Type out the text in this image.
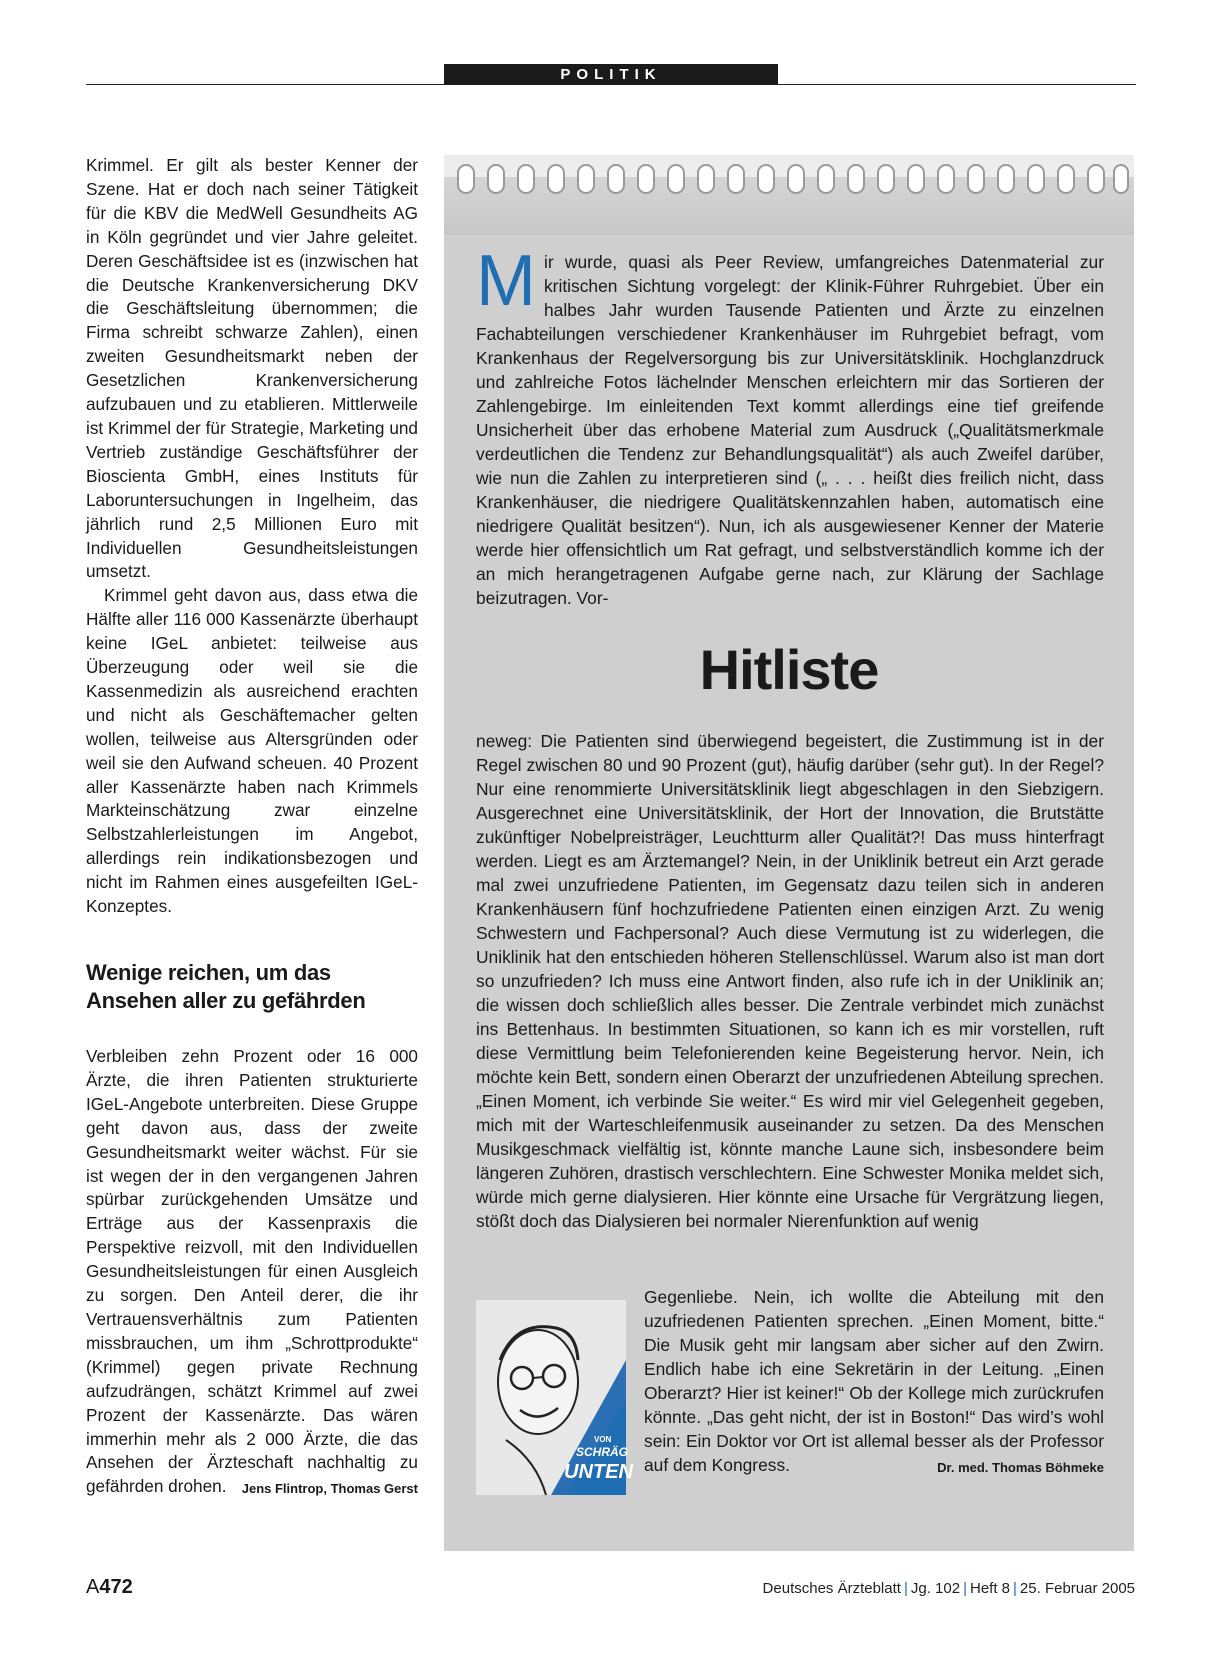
POLITIK

Krimmel. Er gilt als bester Kenner der Szene. Hat er doch nach seiner Tätigkeit für die KBV die MedWell Gesundheits AG in Köln gegründet und vier Jahre geleitet. Deren Geschäftsidee ist es (inzwischen hat die Deutsche Krankenversicherung DKV die Geschäftsleitung übernommen; die Firma schreibt schwarze Zahlen), einen zweiten Gesundheitsmarkt neben der Gesetzlichen Krankenversicherung aufzubauen und zu etablieren. Mittlerweile ist Krimmel der für Strategie, Marketing und Vertrieb zuständige Geschäftsführer der Bioscienta GmbH, eines Instituts für Laboruntersuchungen in Ingelheim, das jährlich rund 2,5 Millionen Euro mit Individuellen Gesundheitsleistungen umsetzt.

Krimmel geht davon aus, dass etwa die Hälfte aller 116 000 Kassenärzte überhaupt keine IGeL anbietet: teilweise aus Überzeugung oder weil sie die Kassenmedizin als ausreichend erachten und nicht als Geschäftemacher gelten wollen, teilweise aus Altersgründen oder weil sie den Aufwand scheuen. 40 Prozent aller Kassenärzte haben nach Krimmels Markteinschätzung zwar einzelne Selbstzahlerleistungen im Angebot, allerdings rein indikationsbezogen und nicht im Rahmen eines ausgefeilten IGeL-Konzeptes.

Wenige reichen, um das Ansehen aller zu gefährden

Verbleiben zehn Prozent oder 16 000 Ärzte, die ihren Patienten strukturierte IGeL-Angebote unterbreiten. Diese Gruppe geht davon aus, dass der zweite Gesundheitsmarkt weiter wächst. Für sie ist wegen der in den vergangenen Jahren spürbar zurückgehenden Umsätze und Erträge aus der Kassenpraxis die Perspektive reizvoll, mit den Individuellen Gesundheitsleistungen für einen Ausgleich zu sorgen. Den Anteil derer, die ihr Vertrauensverhältnis zum Patienten missbrauchen, um ihm „Schrottprodukte“ (Krimmel) gegen private Rechnung aufzudrängen, schätzt Krimmel auf zwei Prozent der Kassenärzte. Das wären immerhin mehr als 2 000 Ärzte, die das Ansehen der Ärzteschaft nachhaltig zu gefährden drohen. Jens Flintrop, Thomas Gerst

M ir wurde, quasi als Peer Review, umfangreiches Datenmaterial zur kritischen Sichtung vorgelegt: der Klinik-Führer Ruhrgebiet. Über ein halbes Jahr wurden Tausende Patienten und Ärzte zu einzelnen Fachabteilungen verschiedener Krankenhäuser im Ruhrgebiet befragt, vom Krankenhaus der Regelversorgung bis zur Universitätsklinik. Hochglanzdruck und zahlreiche Fotos lächelnder Menschen erleichtern mir das Sortieren der Zahlengebirge. Im einleitenden Text kommt allerdings eine tief greifende Unsicherheit über das erhobene Material zum Ausdruck („Qualitätsmerkmale verdeutlichen die Tendenz zur Behandlungsqualität“) als auch Zweifel darüber, wie nun die Zahlen zu interpretieren sind („ . . . heißt dies freilich nicht, dass Krankenhäuser, die niedrigere Qualitätskennzahlen haben, automatisch eine niedrigere Qualität besitzen“). Nun, ich als ausgewiesener Kenner der Materie werde hier offensichtlich um Rat gefragt, und selbstverständlich komme ich der an mich herangetragenen Aufgabe gerne nach, zur Klärung der Sachlage beizutragen. Vor-

Hitliste

neweg: Die Patienten sind überwiegend begeistert, die Zustimmung ist in der Regel zwischen 80 und 90 Prozent (gut), häufig darüber (sehr gut). In der Regel? Nur eine renommierte Universitätsklinik liegt abgeschlagen in den Siebzigern. Ausgerechnet eine Universitätsklinik, der Hort der Innovation, die Brutstätte zukünftiger Nobelpreisträger, Leuchtturm aller Qualität?! Das muss hinterfragt werden. Liegt es am Ärztemangel? Nein, in der Uniklinik betreut ein Arzt gerade mal zwei unzufriedene Patienten, im Gegensatz dazu teilen sich in anderen Krankenhäusern fünf hochzufriedene Patienten einen einzigen Arzt. Zu wenig Schwestern und Fachpersonal? Auch diese Vermutung ist zu widerlegen, die Uniklinik hat den entschieden höheren Stellenschlüssel. Warum also ist man dort so unzufrieden? Ich muss eine Antwort finden, also rufe ich in der Uniklinik an; die wissen doch schließlich alles besser. Die Zentrale verbindet mich zunächst ins Bettenhaus. In bestimmten Situationen, so kann ich es mir vorstellen, ruft diese Vermittlung beim Telefonierenden keine Begeisterung hervor. Nein, ich möchte kein Bett, sondern einen Oberarzt der unzufriedenen Abteilung sprechen. „Einen Moment, ich verbinde Sie weiter.“ Es wird mir viel Gelegenheit gegeben, mich mit der Warteschleifenmusik auseinander zu setzen. Da des Menschen Musikgeschmack vielfältig ist, könnte manche Laune sich, insbesondere beim längeren Zuhören, drastisch verschlechtern. Eine Schwester Monika meldet sich, würde mich gerne dialysieren. Hier könnte eine Ursache für Vergrätzung liegen, stößt doch das Dialysieren bei normaler Nierenfunktion auf wenig

VON
SCHRÄG
UNTEN

Gegenliebe. Nein, ich wollte die Abteilung mit den uzufriedenen Patienten sprechen. „Einen Moment, bitte.“ Die Musik geht mir langsam aber sicher auf den Zwirn. Endlich habe ich eine Sekretärin in der Leitung. „Einen Oberarzt? Hier ist keiner!“ Ob der Kollege mich zurückrufen könnte. „Das geht nicht, der ist in Boston!“ Das wird’s wohl sein: Ein Doktor vor Ort ist allemal besser als der Professor auf dem Kongress.	Dr. med. Thomas Böhmeke

A472	Deutsches Ärzteblatt | Jg. 102 | Heft 8 | 25. Februar 2005
